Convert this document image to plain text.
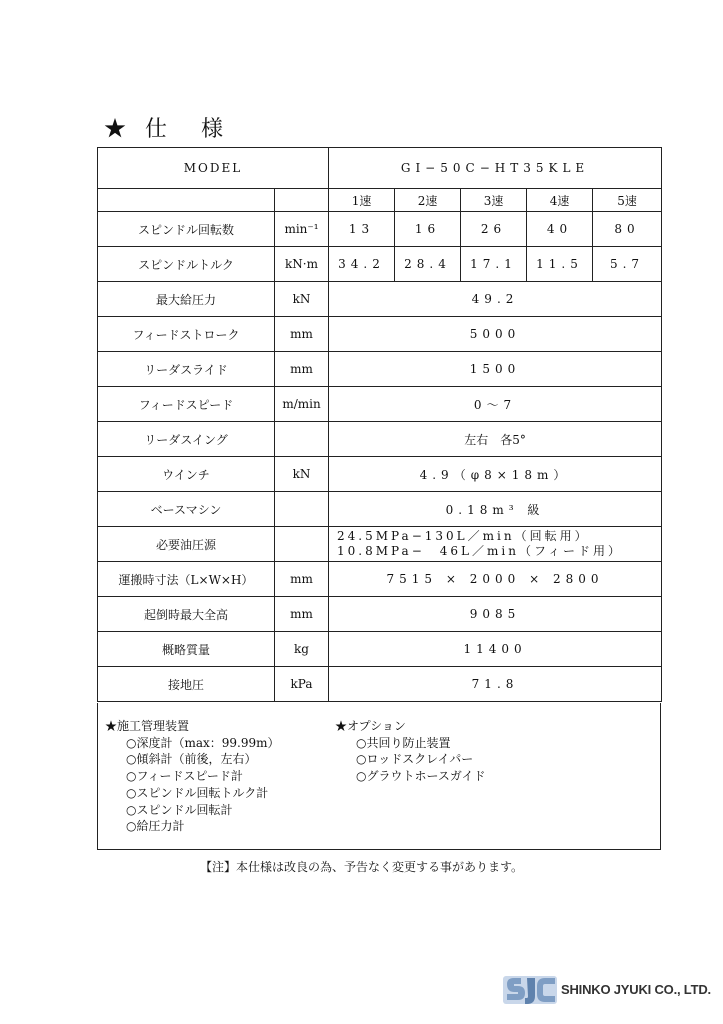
★ 仕　様
MODEL		GI−50C−HT35KLE				
		1速	2速	3速	4速	5速
スピンドル回転数	min⁻¹	13	16	26	40	80
スピンドルトルク	kN·m	34.2	28.4	17.1	11.5	5.7
最大給圧力	kN	49.2				
フィードストローク	mm	5000				
リーダスライド	mm	1500				
フィードスピード	m/min	0〜7				
リーダスイング		左右　各5°				
ウインチ	kN	4.9（φ8×18m）				
ベースマシン		0.18m³ 級				
必要油圧源		24.5MPa−130L／min（回転用）
10.8MPa−　46L／min（フィード用）				

運搬時寸法（L×W×H）	mm	7515 × 2000 × 2800				
起倒時最大全高	mm	9085				
概略質量	kg	11400				
接地圧	kPa	71.8				
★施工管理装置
○深度計（max：99.99m）
○傾斜計（前後，左右）
○フィードスピード計
○スピンドル回転トルク計
○スピンドル回転計
○給圧力計
★オプション
○共回り防止装置
○ロッドスクレイパー
○グラウトホースガイド
【注】本仕様は改良の為、予告なく変更する事があります。
SHINKO JYUKI CO., LTD.
